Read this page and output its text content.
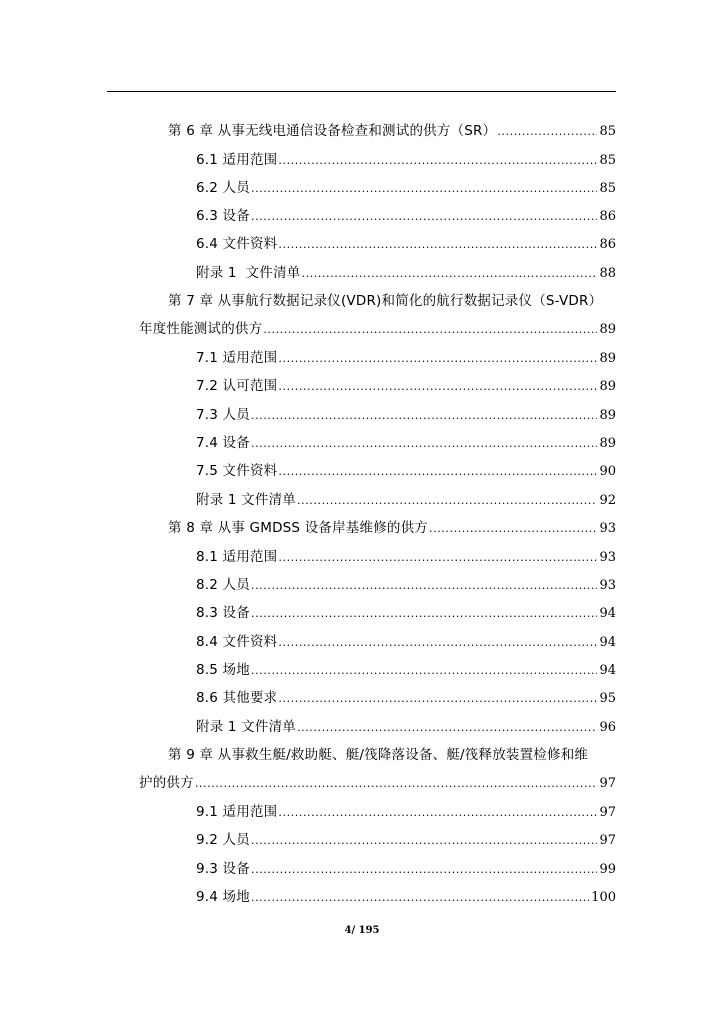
第 6 章 从事无线电通信设备检查和测试的供方（SR） .....	85
6.1 适用范围 .....	85
6.2 人员 .....	85
6.3 设备 .....	86
6.4 文件资料 .....	86
附录 1  文件清单 .....	88
第 7 章 从事航行数据记录仪(VDR)和简化的航行数据记录仪（S-VDR）
年度性能测试的供方 .....	89
7.1 适用范围 .....	89
7.2 认可范围 .....	89
7.3 人员 .....	89
7.4 设备 .....	89
7.5 文件资料 .....	90
附录 1 文件清单 .....	92
第 8 章 从事 GMDSS 设备岸基维修的供方 .....	93
8.1 适用范围 .....	93
8.2 人员 .....	93
8.3 设备 .....	94
8.4 文件资料 .....	94
8.5 场地 .....	94
8.6 其他要求 .....	95
附录 1 文件清单 .....	96
第 9 章 从事救生艇/救助艇、艇/筏降落设备、艇/筏释放装置检修和维
护的供方 .....	97
9.1 适用范围 .....	97
9.2 人员 .....	97
9.3 设备 .....	99
9.4 场地 .....	100
4/ 195
